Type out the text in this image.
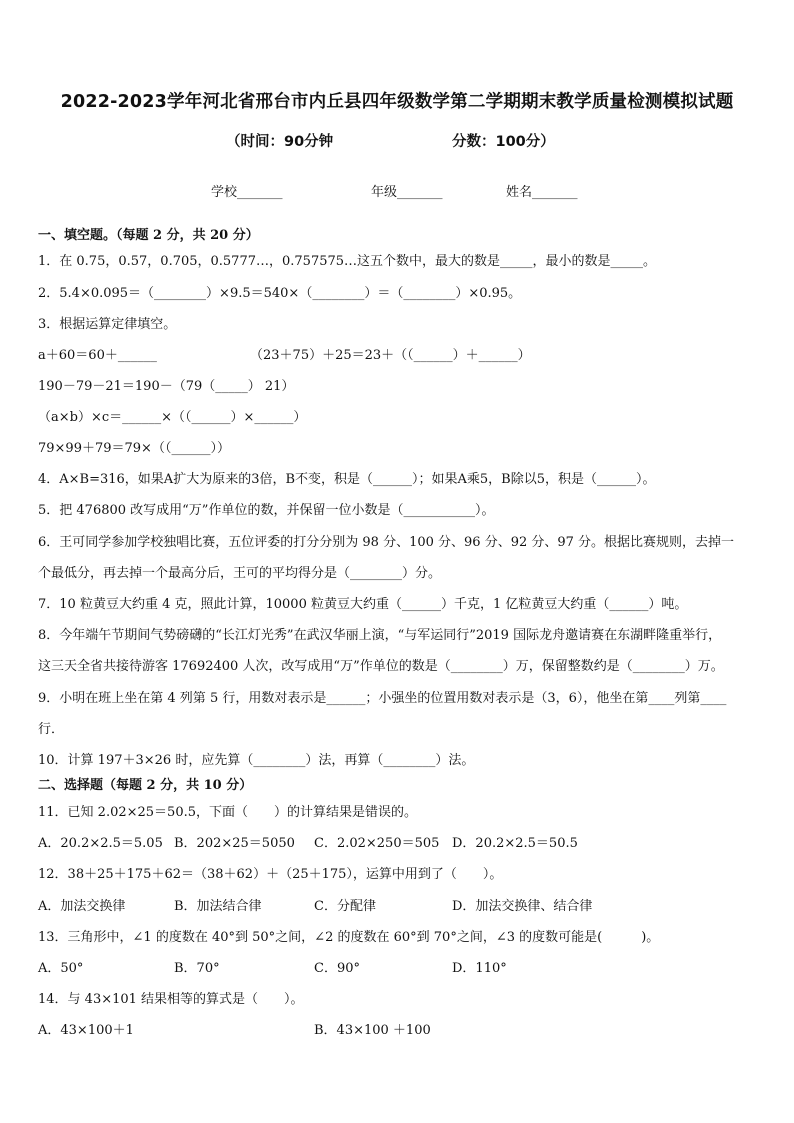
2022-2023学年河北省邢台市内丘县四年级数学第二学期期末教学质量检测模拟试题
（时间：90分钟	分数：100分）
学校_______	年级_______	姓名_______
一、填空题。（每题 2 分，共 20 分）
1．在 0.75，0.57，0.705，0.5777…，0.757575…这五个数中，最大的数是_____，最小的数是_____。
2．5.4×0.095＝（________）×9.5＝540×（________）＝（________）×0.95。
3．根据运算定律填空。
a＋60＝60＋______	（23＋75）＋25＝23＋（（______）＋______）
190－79－21＝190－（79（_____） 21）
（a×b）×c＝______×（（______）×______）
79×99＋79＝79×（（______））
4．A×B=316，如果A扩大为原来的3倍，B不变，积是（______）；如果A乘5，B除以5，积是（______）。
5．把 476800 改写成用“万”作单位的数，并保留一位小数是（___________）。
6．王可同学参加学校独唱比赛，五位评委的打分分别为 98 分、100 分、96 分、92 分、97 分。根据比赛规则，去掉一
个最低分，再去掉一个最高分后，王可的平均得分是（________）分。
7．10 粒黄豆大约重 4 克，照此计算，10000 粒黄豆大约重（______）千克，1 亿粒黄豆大约重（______）吨。
8．今年端午节期间气势磅礴的“长江灯光秀”在武汉华丽上演，“与军运同行”2019 国际龙舟邀请赛在东湖畔隆重举行，
这三天全省共接待游客 17692400 人次，改写成用“万”作单位的数是（________）万，保留整数约是（________）万。
9．小明在班上坐在第 4 列第 5 行，用数对表示是______；小强坐的位置用数对表示是（3，6），他坐在第____列第____
行．
10．计算 197＋3×26 时，应先算（________）法，再算（________）法。
二、选择题（每题 2 分，共 10 分）
11．已知 2.02×25＝50.5，下面（　　）的计算结果是错误的。
A．20.2×2.5＝5.05 B．202×25＝5050 C．2.02×250＝505 D．20.2×2.5＝50.5
12．38＋25＋175＋62＝（38＋62）＋（25＋175），运算中用到了（　　）。
A．加法交换律	B．加法结合律	C．分配律	D．加法交换律、结合律
13．三角形中，∠1 的度数在 40°到 50°之间，∠2 的度数在 60°到 70°之间，∠3 的度数可能是(　　　)。
A．50°	B．70°	C．90°	D．110°
14．与 43×101 结果相等的算式是（　　）。
A．43×100＋1	B．43×100 ＋100
